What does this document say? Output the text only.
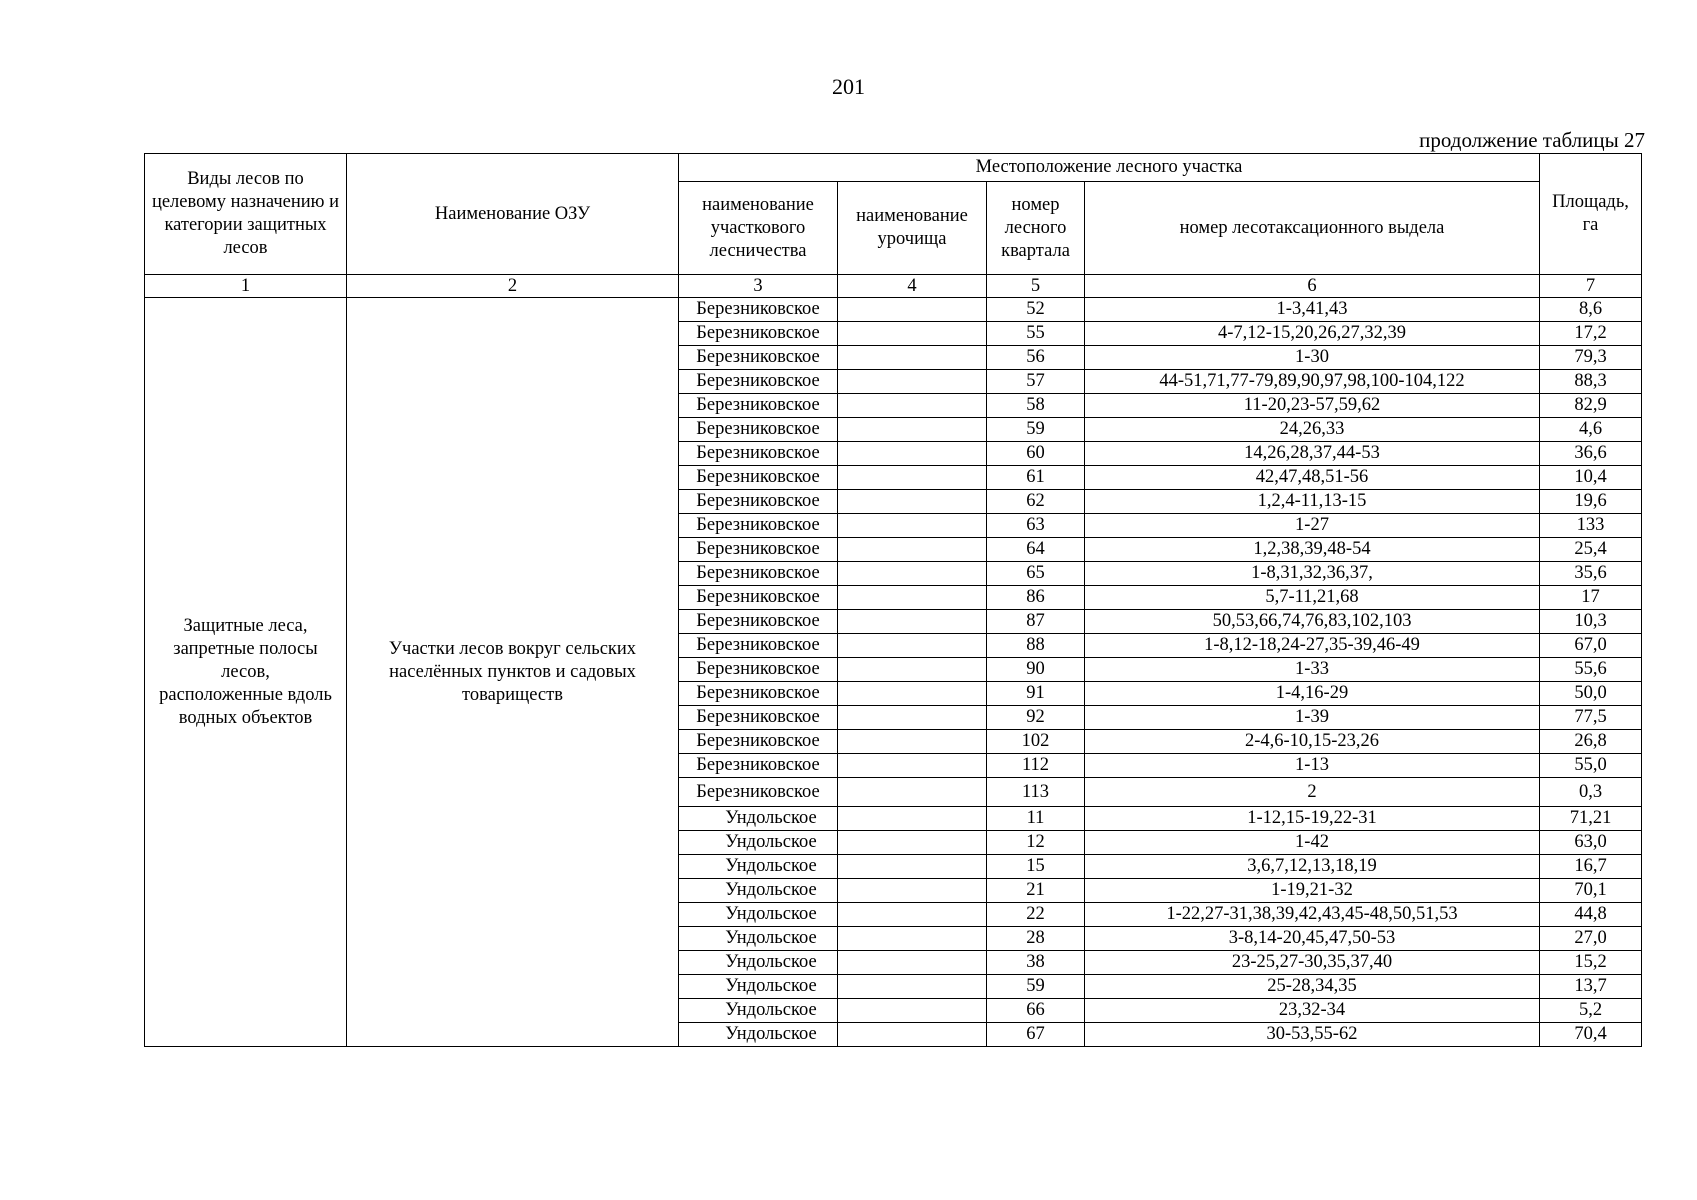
201
продолжение таблицы 27
Виды лесов по целевому назначению и категории защитных лесов	Наименование ОЗУ	Местоположение лесного участка				Площадь, га
		наименование участкового лесничества	наименование урочища	номер лесного квартала	номер лесотаксационного выдела	
1	2	3	4	5	6	7
Защитные леса, запретные полосы лесов, расположенные вдоль водных объектов	Участки лесов вокруг сельских населённых пунктов и садовых товариществ	Березниковское		52	1-3,41,43	8,6
		Березниковское		55	4-7,12-15,20,26,27,32,39	17,2
		Березниковское		56	1-30	79,3
		Березниковское		57	44-51,71,77-79,89,90,97,98,100-104,122	88,3
		Березниковское		58	11-20,23-57,59,62	82,9
		Березниковское		59	24,26,33	4,6
		Березниковское		60	14,26,28,37,44-53	36,6
		Березниковское		61	42,47,48,51-56	10,4
		Березниковское		62	1,2,4-11,13-15	19,6
		Березниковское		63	1-27	133
		Березниковское		64	1,2,38,39,48-54	25,4
		Березниковское		65	1-8,31,32,36,37,	35,6
		Березниковское		86	5,7-11,21,68	17
		Березниковское		87	50,53,66,74,76,83,102,103	10,3
		Березниковское		88	1-8,12-18,24-27,35-39,46-49	67,0
		Березниковское		90	1-33	55,6
		Березниковское		91	1-4,16-29	50,0
		Березниковское		92	1-39	77,5
		Березниковское		102	2-4,6-10,15-23,26	26,8
		Березниковское		112	1-13	55,0
		Березниковское		113	2	0,3
		Ундольское		11	1-12,15-19,22-31	71,21
		Ундольское		12	1-42	63,0
		Ундольское		15	3,6,7,12,13,18,19	16,7
		Ундольское		21	1-19,21-32	70,1
		Ундольское		22	1-22,27-31,38,39,42,43,45-48,50,51,53	44,8
		Ундольское		28	3-8,14-20,45,47,50-53	27,0
		Ундольское		38	23-25,27-30,35,37,40	15,2
		Ундольское		59	25-28,34,35	13,7
		Ундольское		66	23,32-34	5,2
		Ундольское		67	30-53,55-62	70,4
